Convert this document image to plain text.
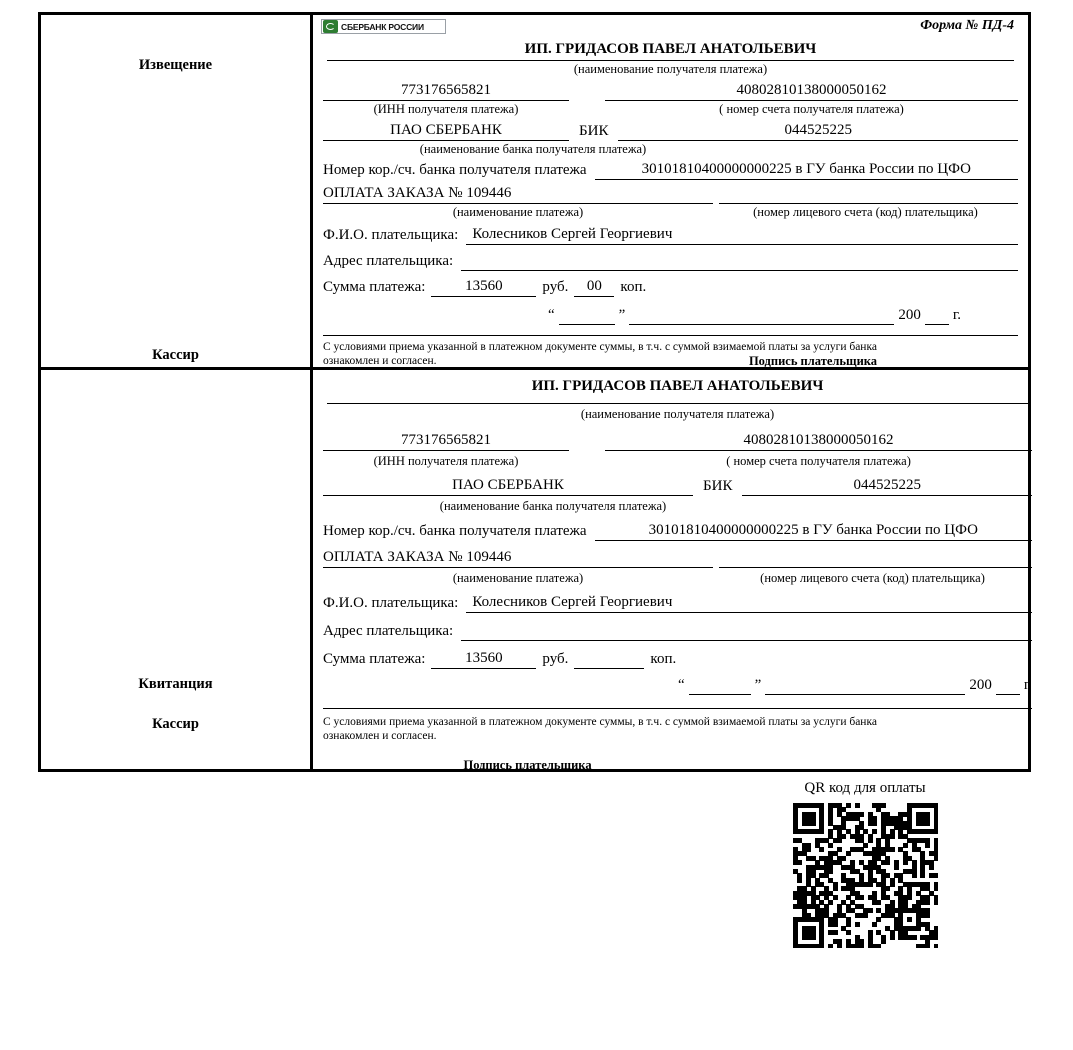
Извещение
Кассир
СБЕРБАНК РОССИИ	Форма № ПД-4
ИП. ГРИДАСОВ ПАВЕЛ АНАТОЛЬЕВИЧ
(наименование получателя платежа)
773176565821	40802810138000050162
(ИНН получателя платежа)	( номер счета получателя платежа)
ПАО СБЕРБАНК	БИК	044525225
(наименование банка получателя платежа)
Номер кор./сч. банка получателя платежа	30101810400000000225 в ГУ банка России по ЦФО
ОПЛАТА ЗАКАЗА № 109446
(наименование платежа)	(номер лицевого счета (код) плательщика)
Ф.И.О. плательщика: Колесников Сергей Георгиевич
Адрес плательщика:
Сумма платежа:	13560	руб.	00	коп.
“	”	200 г.
С условиями приема указанной в платежном документе суммы, в т.ч. с суммой взимаемой платы за услуги банка
ознакомлен и согласен.	Подпись плательщика
Квитанция
Кассир
ИП. ГРИДАСОВ ПАВЕЛ АНАТОЛЬЕВИЧ
(наименование получателя платежа)
773176565821	40802810138000050162
(ИНН получателя платежа)	( номер счета получателя платежа)
ПАО СБЕРБАНК	БИК	044525225
(наименование банка получателя платежа)
Номер кор./сч. банка получателя платежа	30101810400000000225 в ГУ банка России по ЦФО
ОПЛАТА ЗАКАЗА № 109446
(наименование платежа)	(номер лицевого счета (код) плательщика)
Ф.И.О. плательщика: Колесников Сергей Георгиевич
Адрес плательщика:
Сумма платежа:	13560	руб.	коп.
“	”	200 г.
С условиями приема указанной в платежном документе суммы, в т.ч. с суммой взимаемой платы за услуги банка
ознакомлен и согласен.
Подпись плательщика
QR код для оплаты
